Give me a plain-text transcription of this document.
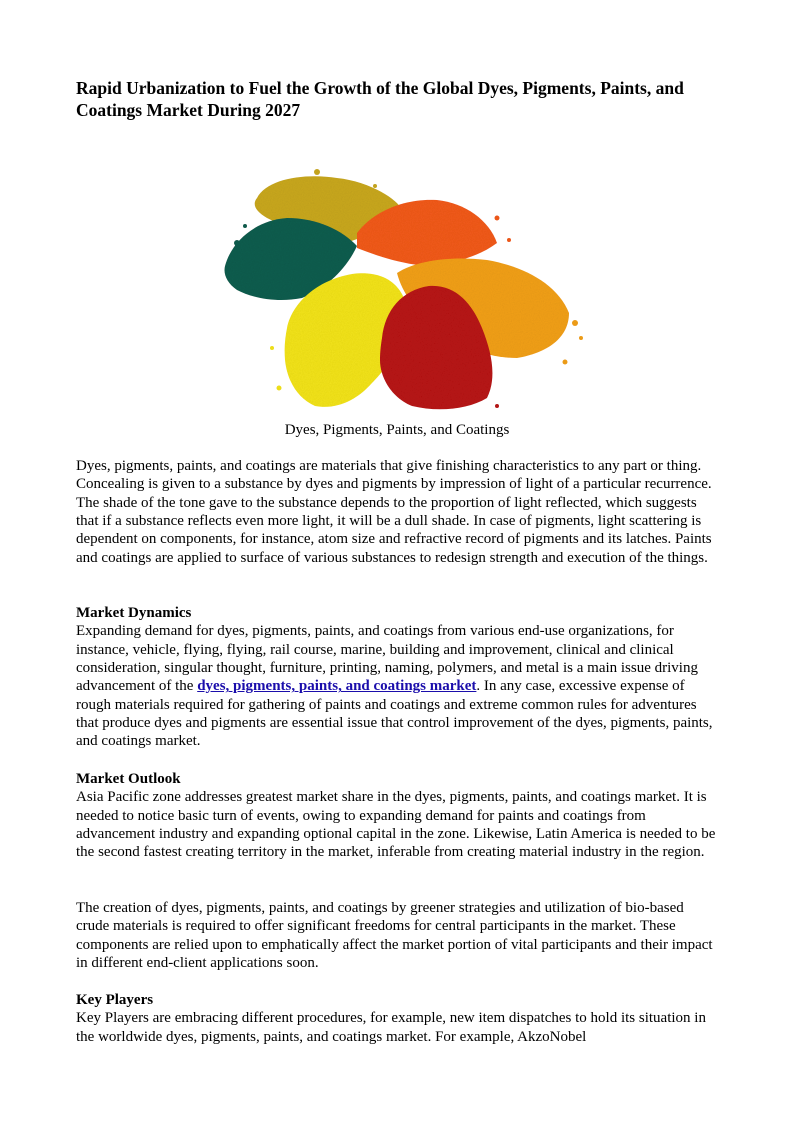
Rapid Urbanization to Fuel the Growth of the Global Dyes, Pigments, Paints, and Coatings Market During 2027
Dyes, Pigments, Paints, and Coatings

Dyes, pigments, paints, and coatings are materials that give finishing characteristics to any part or thing. Concealing is given to a substance by dyes and pigments by impression of light of a particular recurrence. The shade of the tone gave to the substance depends to the proportion of light reflected, which suggests that if a substance reflects even more light, it will be a dull shade. In case of pigments, light scattering is dependent on components, for instance, atom size and refractive record of pigments and its latches. Paints and coatings are applied to surface of various substances to redesign strength and execution of the things.

Market Dynamics

Expanding demand for dyes, pigments, paints, and coatings from various end-use organizations, for instance, vehicle, flying, flying, rail course, marine, building and improvement, clinical and clinical consideration, singular thought, furniture, printing, naming, polymers, and metal is a main issue driving advancement of the dyes, pigments, paints, and coatings market. In any case, excessive expense of rough materials required for gathering of paints and coatings and extreme common rules for adventures that produce dyes and pigments are essential issue that control improvement of the dyes, pigments, paints, and coatings market.

Market Outlook

Asia Pacific zone addresses greatest market share in the dyes, pigments, paints, and coatings market. It is needed to notice basic turn of events, owing to expanding demand for paints and coatings from advancement industry and expanding optional capital in the zone. Likewise, Latin America is needed to be the second fastest creating territory in the market, inferable from creating material industry in the region.

The creation of dyes, pigments, paints, and coatings by greener strategies and utilization of bio-based crude materials is required to offer significant freedoms for central participants in the market. These components are relied upon to emphatically affect the market portion of vital participants and their impact in different end-client applications soon.

Key Players

Key Players are embracing different procedures, for example, new item dispatches to hold its situation in the worldwide dyes, pigments, paints, and coatings market. For example, AkzoNobel
